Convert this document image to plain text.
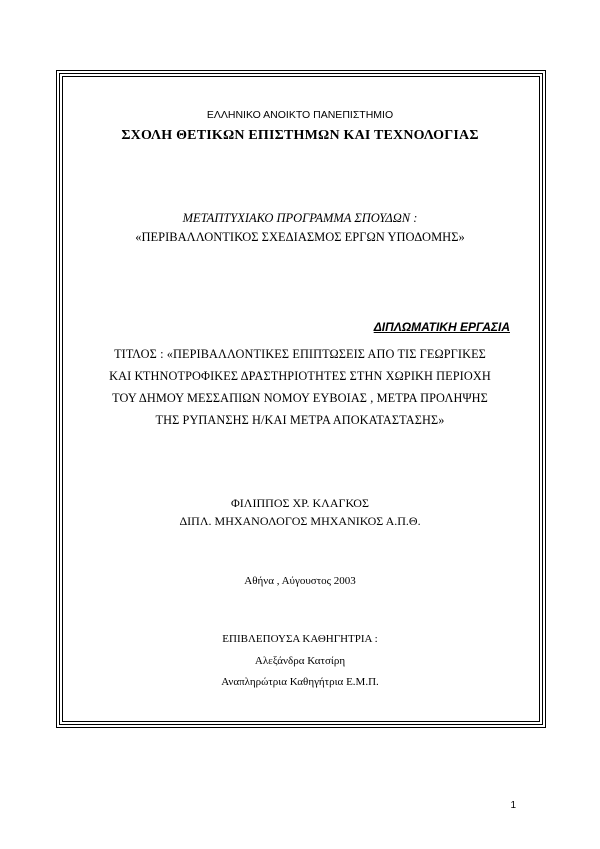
ΕΛΛΗΝΙΚΟ ΑΝΟΙΚΤΟ ΠΑΝΕΠΙΣΤΗΜΙΟ
ΣΧΟΛΗ ΘΕΤΙΚΩΝ ΕΠΙΣΤΗΜΩΝ ΚΑΙ ΤΕΧΝΟΛΟΓΙΑΣ
ΜΕΤΑΠΤΥΧΙΑΚΟ ΠΡΟΓΡΑΜΜΑ ΣΠΟΥΔΩΝ :
«ΠΕΡΙΒΑΛΛΟΝΤΙΚΟΣ ΣΧΕΔΙΑΣΜΟΣ ΕΡΓΩΝ ΥΠΟΔΟΜΗΣ»
ΔΙΠΛΩΜΑΤΙΚΗ ΕΡΓΑΣΙΑ
ΤΙΤΛΟΣ : «ΠΕΡΙΒΑΛΛΟΝΤΙΚΕΣ ΕΠΙΠΤΩΣΕΙΣ ΑΠΟ ΤΙΣ ΓΕΩΡΓΙΚΕΣ
ΚΑΙ ΚΤΗΝΟΤΡΟΦΙΚΕΣ ΔΡΑΣΤΗΡΙΟΤΗΤΕΣ ΣΤΗΝ ΧΩΡΙΚΗ ΠΕΡΙΟΧΗ
ΤΟΥ ΔΗΜΟΥ ΜΕΣΣΑΠΙΩΝ ΝΟΜΟΥ ΕΥΒΟΙΑΣ , ΜΕΤΡΑ ΠΡΟΛΗΨΗΣ
ΤΗΣ ΡΥΠΑΝΣΗΣ Η/ΚΑΙ ΜΕΤΡΑ ΑΠΟΚΑΤΑΣΤΑΣΗΣ»
ΦΙΛΙΠΠΟΣ ΧΡ. ΚΛΑΓΚΟΣ
ΔΙΠΛ. ΜΗΧΑΝΟΛΟΓΟΣ ΜΗΧΑΝΙΚΟΣ Α.Π.Θ.
Αθήνα , Αύγουστος 2003
ΕΠΙΒΛΕΠΟΥΣΑ ΚΑΘΗΓΗΤΡΙΑ :
Αλεξάνδρα Κατσίρη
Αναπληρώτρια Καθηγήτρια Ε.Μ.Π.
1
